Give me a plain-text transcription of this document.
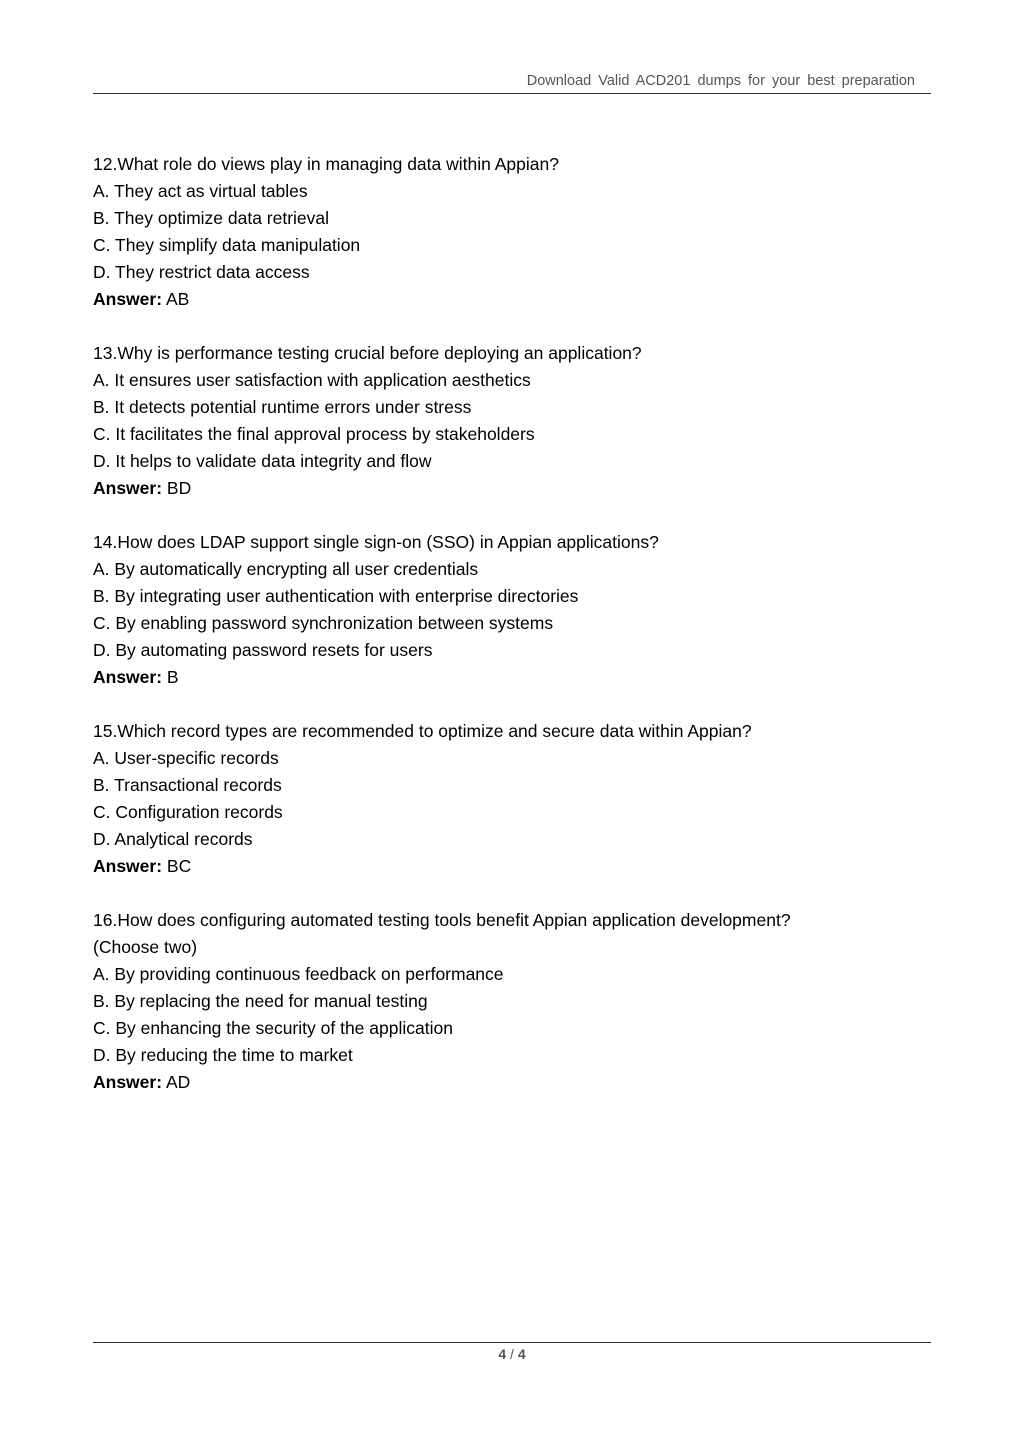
Download Valid ACD201 dumps for your best preparation
12.What role do views play in managing data within Appian?
A. They act as virtual tables
B. They optimize data retrieval
C. They simplify data manipulation
D. They restrict data access
Answer: AB
13.Why is performance testing crucial before deploying an application?
A. It ensures user satisfaction with application aesthetics
B. It detects potential runtime errors under stress
C. It facilitates the final approval process by stakeholders
D. It helps to validate data integrity and flow
Answer: BD
14.How does LDAP support single sign-on (SSO) in Appian applications?
A. By automatically encrypting all user credentials
B. By integrating user authentication with enterprise directories
C. By enabling password synchronization between systems
D. By automating password resets for users
Answer: B
15.Which record types are recommended to optimize and secure data within Appian?
A. User-specific records
B. Transactional records
C. Configuration records
D. Analytical records
Answer: BC
16.How does configuring automated testing tools benefit Appian application development?
(Choose two)
A. By providing continuous feedback on performance
B. By replacing the need for manual testing
C. By enhancing the security of the application
D. By reducing the time to market
Answer: AD
4 / 4
